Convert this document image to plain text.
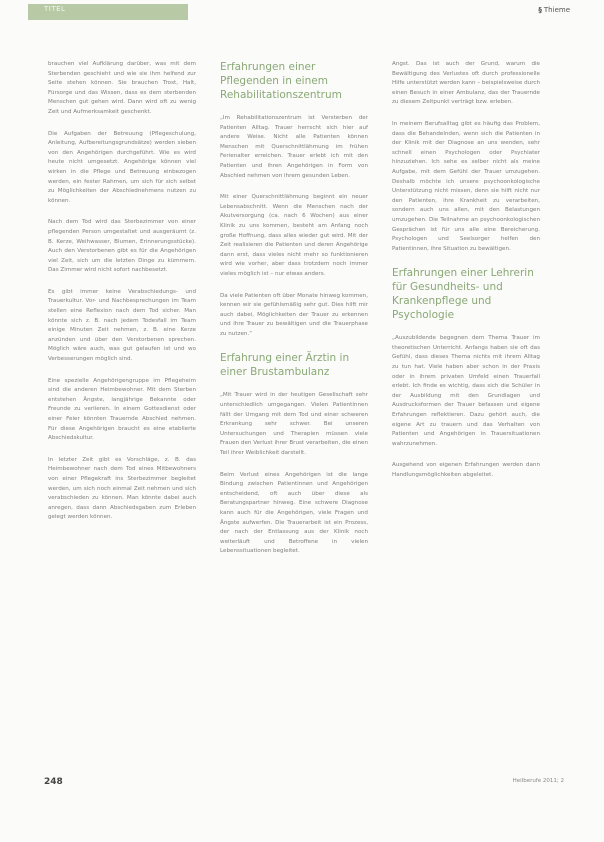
TITEL	§ Thieme

brauchen viel Aufklärung darüber, was mit dem Sterbenden geschieht und wie sie ihm helfend zur Seite stehen können. Sie brauchen Trost, Halt, Fürsorge und das Wissen, dass es dem sterbenden Menschen gut gehen wird. Dann wird oft zu wenig Zeit und Aufmerksamkeit geschenkt.

Die Aufgaben der Betreuung (Pflegeschulung, Anleitung, Aufbereitungsgrundsätze) werden sieben von den Angehörigen durchgeführt. Wie es wird heute nicht umgesetzt. Angehörige können viel wirken in die Pflege und Betreuung einbezogen werden, ein fester Rahmen, um sich für sich selbst zu Möglichkeiten der Abschiednehmens nutzen zu können.

Nach dem Tod wird das Sterbezimmer von einer pflegenden Person umgestaltet und ausgeräumt (z. B. Kerze, Weihwasser, Blumen, Erinnerungsstücke). Auch den Verstorbenen gibt es für die Angehörigen viel Zeit, sich um die letzten Dinge zu kümmern. Das Zimmer wird nicht sofort nachbesetzt.

Es gibt immer keine Verabschiedungs- und Trauerkultur. Vor- und Nachbesprechungen im Team stellen eine Reflexion nach dem Tod sicher. Man könnte sich z. B. nach jedem Todesfall im Team einige Minuten Zeit nehmen, z. B. eine Kerze anzünden und über den Verstorbenen sprechen. Möglich wäre auch, was gut gelaufen ist und wo Verbesserungen möglich sind.

Eine spezielle Angehörigengruppe im Pflegeheim sind die anderen Heimbewohner. Mit dem Sterben entstehen Ängste, langjährige Bekannte oder Freunde zu verlieren. In einem Gottesdienst oder einer Feier könnten Trauernde Abschied nehmen. Für diese Angehörigen braucht es eine etablierte Abschiedskultur.

In letzter Zeit gibt es Vorschläge, z. B. das Heimbewohner nach dem Tod eines Mitbewohners von einer Pflegekraft ins Sterbezimmer begleitet werden, um sich noch einmal Zeit nehmen und sich verabschieden zu können. Man könnte dabei auch anregen, dass dann Abschiedsgaben zum Erleben gelegt werden können.

Erfahrungen einer Pflegenden in einem Rehabilitationszentrum

„Im Rehabilitationszentrum ist Versterben der Patienten Alltag. Trauer herrscht sich hier auf andere Weise. Nicht alle Patienten können Menschen mit Querschnittlähmung im frühen Ferienalter erreichen. Trauer erlebt ich mit den Patienten und ihren Angehörigen in Form von Abschied nehmen von ihrem gesunden Leben.

Mit einer Querschnittlähmung beginnt ein neuer Lebensabschnitt. Wenn die Menschen nach der Akutversorgung (ca. nach 6 Wochen) aus einer Klinik zu uns kommen, besteht am Anfang noch große Hoffnung, dass alles wieder gut wird. Mit der Zeit realisieren die Patienten und deren Angehörige dann erst, dass vieles nicht mehr so funktionieren wird wie vorher, aber dass trotzdem noch immer vieles möglich ist – nur etwas anders.

Da viele Patienten oft über Monate hinweg kommen, kennen wir sie gefühlsmäßig sehr gut. Dies hilft mir auch dabei, Möglichkeiten der Trauer zu erkennen und ihre Trauer zu bewältigen und die Trauerphase zu nutzen.“

Erfahrung einer Ärztin in einer Brustambulanz

„Mit Trauer wird in der heutigen Gesellschaft sehr unterschiedlich umgegangen. Vielen Patientinnen fällt der Umgang mit dem Tod und einer schweren Erkrankung sehr schwer. Bei unseren Untersuchungen und Therapien müssen viele Frauen den Verlust ihrer Brust verarbeiten, die einen Teil ihrer Weiblichkeit darstellt.

Beim Verlust eines Angehörigen ist die lange Bindung zwischen Patientinnen und Angehörigen entscheidend, oft auch über diese als Beratungspartner hinweg. Eine schwere Diagnose kann auch für die Angehörigen, viele Fragen und Ängste aufwerfen. Die Trauerarbeit ist ein Prozess, der nach der Entlassung aus der Klinik noch weiterläuft und Betroffene in vielen Lebenssituationen begleitet.

Angst. Das ist auch der Grund, warum die Bewältigung des Verlustes oft durch professionelle Hilfe unterstützt werden kann – beispielsweise durch einen Besuch in einer Ambulanz, das der Trauernde zu diesem Zeitpunkt verträgt bzw. erleben.

In meinem Berufsalltag gibt es häufig das Problem, dass die Behandelnden, wenn sich die Patienten in der Klinik mit der Diagnose an uns wenden, sehr schnell einen Psychologen oder Psychiater hinzuziehen. Ich sehe es selber nicht als meine Aufgabe, mit dem Gefühl der Trauer umzugehen. Deshalb möchte ich unsere psychoonkologische Unterstützung nicht missen, denn sie hilft nicht nur den Patienten, ihre Krankheit zu verarbeiten, sondern auch uns allen, mit den Belastungen umzugehen. Die Teilnahme an psychoonkologischen Gesprächen ist für uns alle eine Bereicherung. Psychologen und Seelsorger helfen den Patientinnen, ihre Situation zu bewältigen.

Erfahrungen einer Lehrerin für Gesundheits- und Krankenpflege und Psychologie

„Auszubildende begegnen dem Thema Trauer im theoretischen Unterricht. Anfangs haben sie oft das Gefühl, dass dieses Thema nichts mit ihrem Alltag zu tun hat. Viele haben aber schon in der Praxis oder in ihrem privaten Umfeld einen Trauerfall erlebt. Ich finde es wichtig, dass sich die Schüler in der Ausbildung mit den Grundlagen und Ausdrucksformen der Trauer befassen und eigene Erfahrungen reflektieren. Dazu gehört auch, die eigene Art zu trauern und das Verhalten von Patienten und Angehörigen in Trauersituationen wahrzunehmen.

Ausgehend von eigenen Erfahrungen werden dann Handlungsmöglichkeiten abgeleitet.

248	Heilberufe 2011; 2
